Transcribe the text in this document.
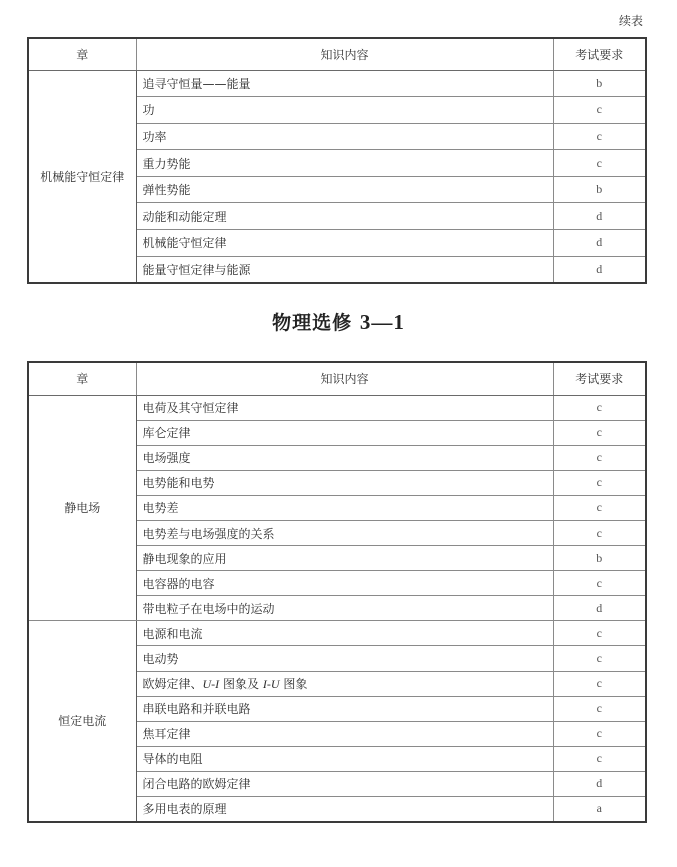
续表
章	知识内容	考试要求
机械能守恒定律	追寻守恒量——能量	b
	功	c
	功率	c
	重力势能	c
	弹性势能	b
	动能和动能定理	d
	机械能守恒定律	d
	能量守恒定律与能源	d
物理选修 3—1
章	知识内容	考试要求
静电场	电荷及其守恒定律	c
	库仑定律	c
	电场强度	c
	电势能和电势	c
	电势差	c
	电势差与电场强度的关系	c
	静电现象的应用	b
	电容器的电容	c
	带电粒子在电场中的运动	d
恒定电流	电源和电流	c
	电动势	c
	欧姆定律、U-I 图象及 I-U 图象	c
	串联电路和并联电路	c
	焦耳定律	c
	导体的电阻	c
	闭合电路的欧姆定律	d
	多用电表的原理	a
